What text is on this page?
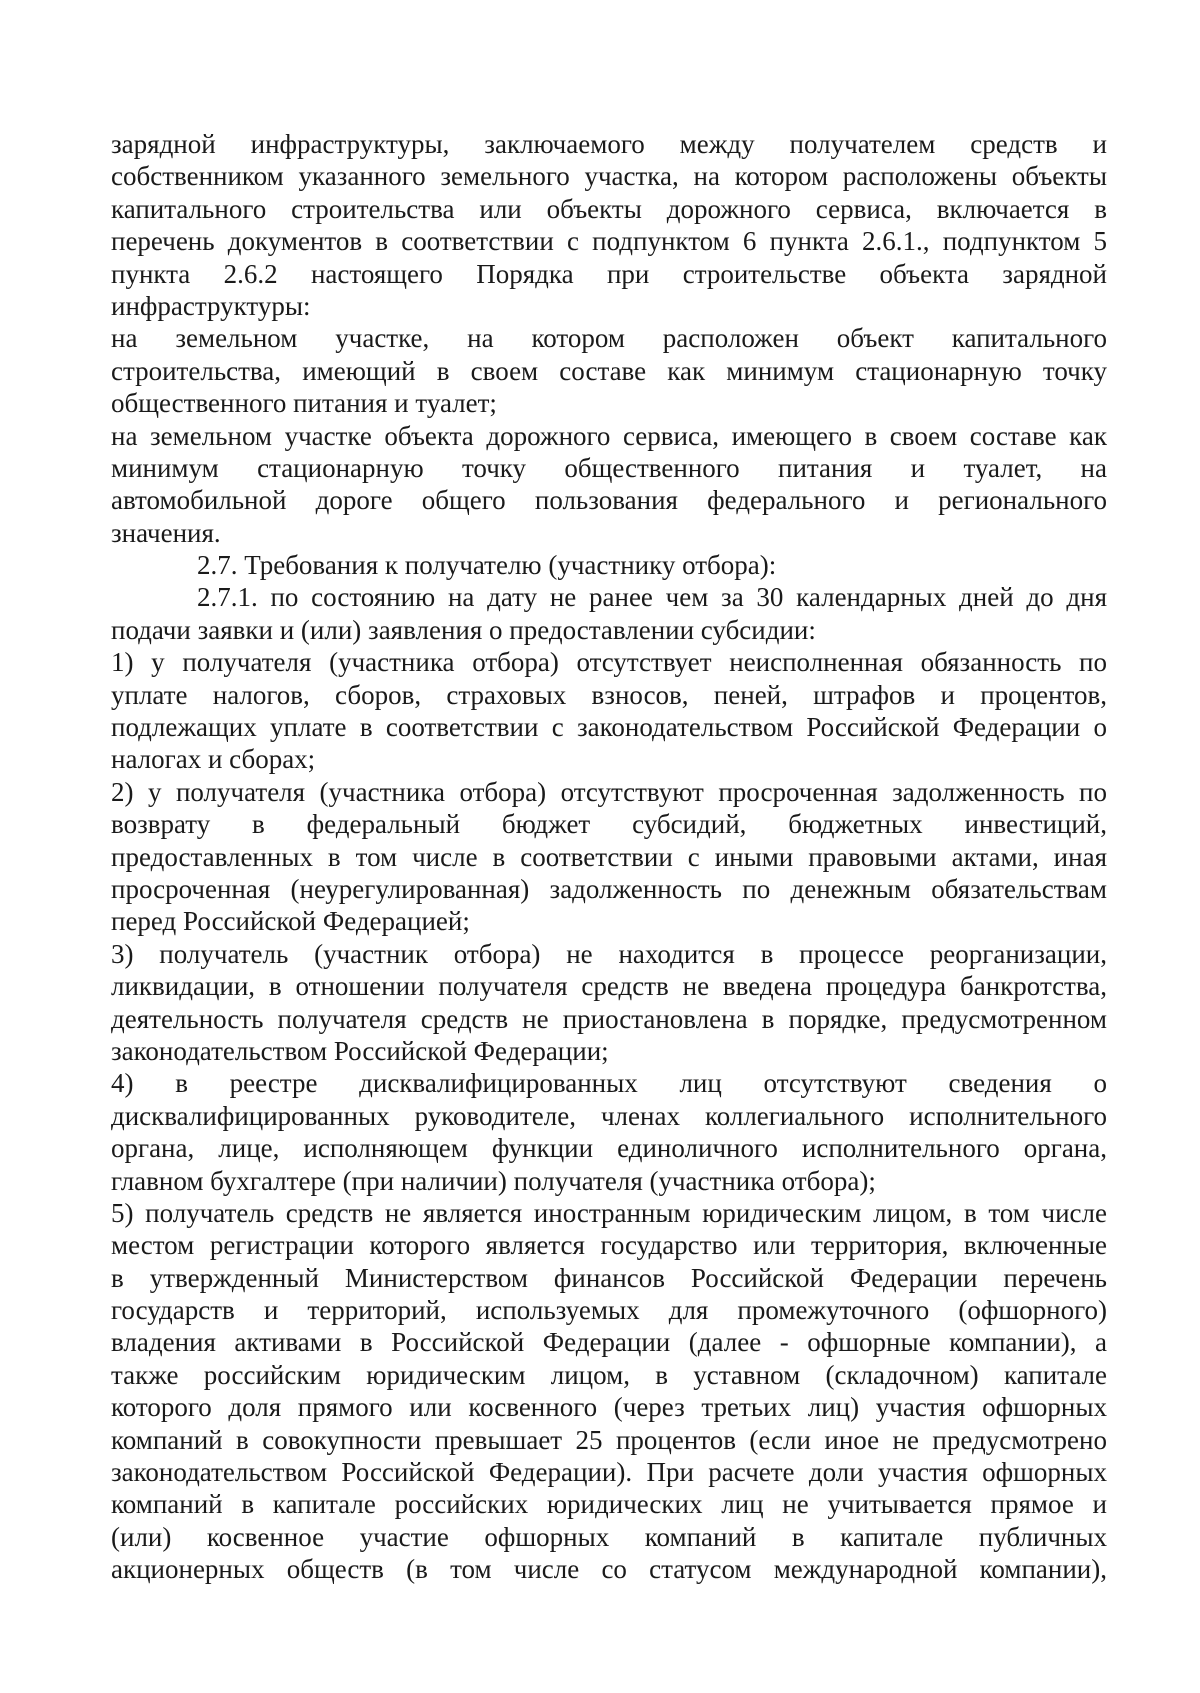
зарядной инфраструктуры, заключаемого между получателем средств и
собственником указанного земельного участка, на котором расположены объекты
капитального строительства или объекты дорожного сервиса, включается в
перечень документов в соответствии с подпунктом 6 пункта 2.6.1., подпунктом 5
пункта 2.6.2 настоящего Порядка при строительстве объекта зарядной
инфраструктуры:
на земельном участке, на котором расположен объект капитального
строительства, имеющий в своем составе как минимум стационарную точку
общественного питания и туалет;
на земельном участке объекта дорожного сервиса, имеющего в своем составе как
минимум стационарную точку общественного питания и туалет, на
автомобильной дороге общего пользования федерального и регионального
значения.
2.7. Требования к получателю (участнику отбора):
2.7.1. по состоянию на дату не ранее чем за 30 календарных дней до дня
подачи заявки и (или) заявления о предоставлении субсидии:
1) у получателя (участника отбора) отсутствует неисполненная обязанность по
уплате налогов, сборов, страховых взносов, пеней, штрафов и процентов,
подлежащих уплате в соответствии с законодательством Российской Федерации о
налогах и сборах;
2) у получателя (участника отбора) отсутствуют просроченная задолженность по
возврату в федеральный бюджет субсидий, бюджетных инвестиций,
предоставленных в том числе в соответствии с иными правовыми актами, иная
просроченная (неурегулированная) задолженность по денежным обязательствам
перед Российской Федерацией;
3) получатель (участник отбора) не находится в процессе реорганизации,
ликвидации, в отношении получателя средств не введена процедура банкротства,
деятельность получателя средств не приостановлена в порядке, предусмотренном
законодательством Российской Федерации;
4) в реестре дисквалифицированных лиц отсутствуют сведения о
дисквалифицированных руководителе, членах коллегиального исполнительного
органа, лице, исполняющем функции единоличного исполнительного органа,
главном бухгалтере (при наличии) получателя (участника отбора);
5) получатель средств не является иностранным юридическим лицом, в том числе
местом регистрации которого является государство или территория, включенные
в утвержденный Министерством финансов Российской Федерации перечень
государств и территорий, используемых для промежуточного (офшорного)
владения активами в Российской Федерации (далее - офшорные компании), а
также российским юридическим лицом, в уставном (складочном) капитале
которого доля прямого или косвенного (через третьих лиц) участия офшорных
компаний в совокупности превышает 25 процентов (если иное не предусмотрено
законодательством Российской Федерации). При расчете доли участия офшорных
компаний в капитале российских юридических лиц не учитывается прямое и
(или) косвенное участие офшорных компаний в капитале публичных
акционерных обществ (в том числе со статусом международной компании),
